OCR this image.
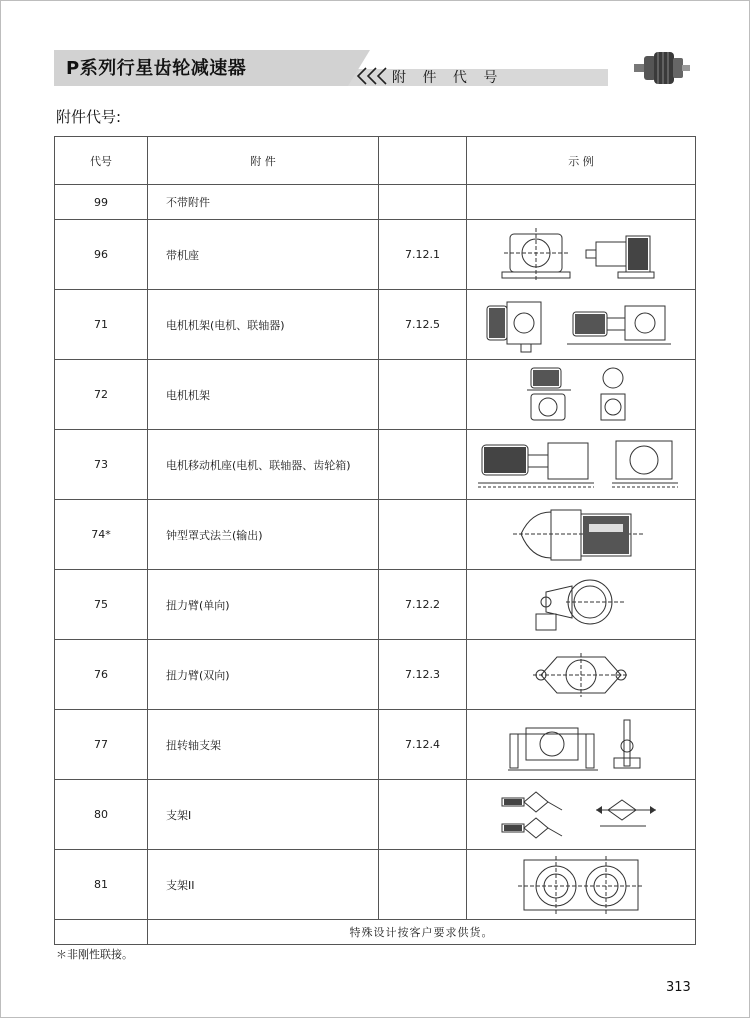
P系列行星齿轮减速器	附 件 代 号
附件代号:
代号	附 件		示 例
99	不带附件		
96	带机座	7.12.1	

71	电机机架(电机、联轴器)	7.12.5	

72	电机机架		

73	电机移动机座(电机、联轴器、齿轮箱)		

74*	钟型罩式法兰(输出)		

75	扭力臂(单向)	7.12.2	

76	扭力臂(双向)	7.12.3	

77	扭转轴支架	7.12.4	

80	支架I		

81	支架II		

	特殊设计按客户要求供货。		
＊非刚性联接。
313
